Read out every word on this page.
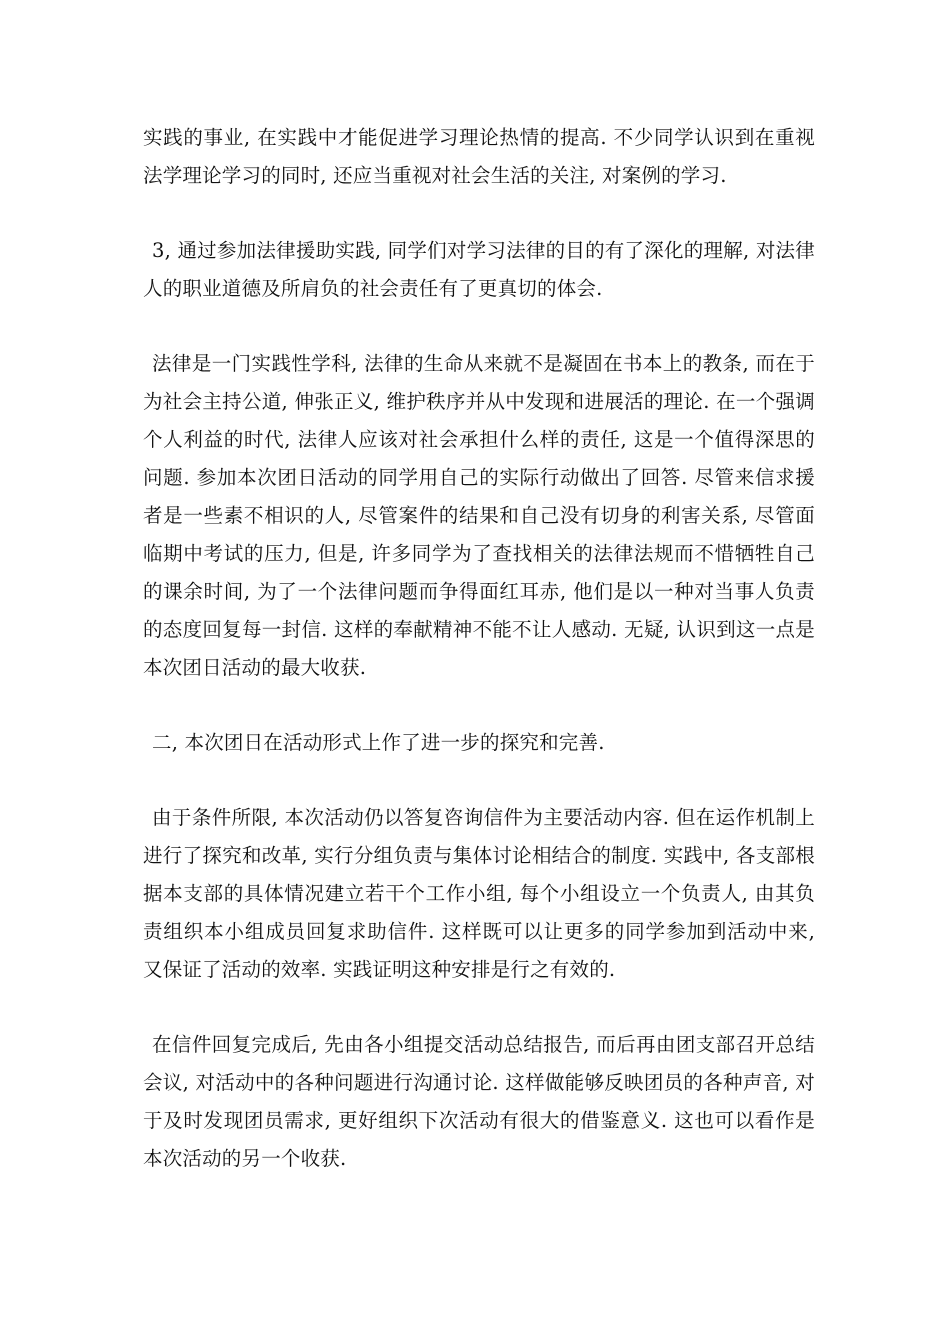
实践的事业, 在实践中才能促进学习理论热情的提高. 不少同学认识到在重视法学理论学习的同时, 还应当重视对社会生活的关注, 对案例的学习.

3, 通过参加法律援助实践, 同学们对学习法律的目的有了深化的理解, 对法律人的职业道德及所肩负的社会责任有了更真切的体会.

法律是一门实践性学科, 法律的生命从来就不是凝固在书本上的教条, 而在于为社会主持公道, 伸张正义, 维护秩序并从中发现和进展活的理论. 在一个强调个人利益的时代, 法律人应该对社会承担什么样的责任, 这是一个值得深思的问题. 参加本次团日活动的同学用自己的实际行动做出了回答. 尽管来信求援者是一些素不相识的人, 尽管案件的结果和自己没有切身的利害关系, 尽管面临期中考试的压力, 但是, 许多同学为了查找相关的法律法规而不惜牺牲自己的课余时间, 为了一个法律问题而争得面红耳赤, 他们是以一种对当事人负责的态度回复每一封信. 这样的奉献精神不能不让人感动. 无疑, 认识到这一点是本次团日活动的最大收获.

二, 本次团日在活动形式上作了进一步的探究和完善.

由于条件所限, 本次活动仍以答复咨询信件为主要活动内容. 但在运作机制上进行了探究和改革, 实行分组负责与集体讨论相结合的制度. 实践中, 各支部根据本支部的具体情况建立若干个工作小组, 每个小组设立一个负责人, 由其负责组织本小组成员回复求助信件. 这样既可以让更多的同学参加到活动中来, 又保证了活动的效率. 实践证明这种安排是行之有效的.

在信件回复完成后, 先由各小组提交活动总结报告, 而后再由团支部召开总结会议, 对活动中的各种问题进行沟通讨论. 这样做能够反映团员的各种声音, 对于及时发现团员需求, 更好组织下次活动有很大的借鉴意义. 这也可以看作是本次活动的另一个收获.
